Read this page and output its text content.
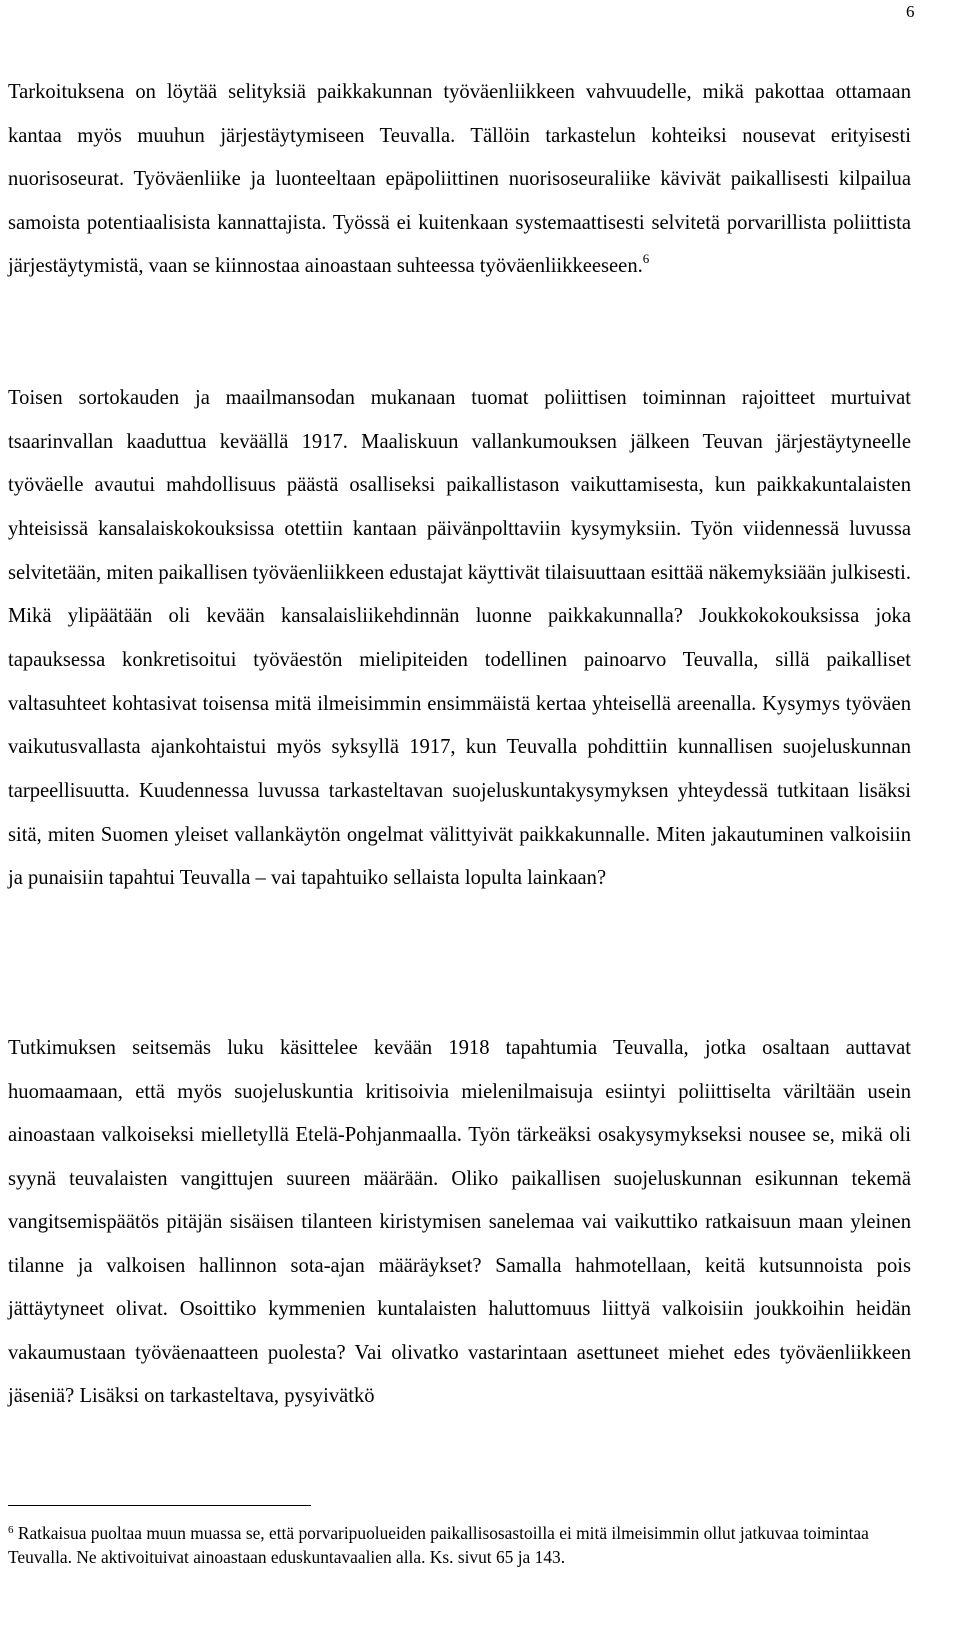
6

Tarkoituksena on löytää selityksiä paikkakunnan työväenliikkeen vahvuudelle, mikä pakottaa ottamaan kantaa myös muuhun järjestäytymiseen Teuvalla. Tällöin tarkastelun kohteiksi nousevat erityisesti nuorisoseurat. Työväenliike ja luonteeltaan epäpoliittinen nuorisoseuraliike kävivät paikallisesti kilpailua samoista potentiaalisista kannattajista. Työssä ei kuitenkaan systemaattisesti selvitetä porvarillista poliittista järjestäytymistä, vaan se kiinnostaa ainoastaan suhteessa työväenliikkeeseen.$^6$

Toisen sortokauden ja maailmansodan mukanaan tuomat poliittisen toiminnan rajoitteet murtuivat tsaarinvallan kaaduttua keväällä 1917. Maaliskuun vallankumouksen jälkeen Teuvan järjestäytyneelle työväelle avautui mahdollisuus päästä osalliseksi paikallistason vaikuttamisesta, kun paikkakuntalaisten yhteisissä kansalaiskokouksissa otettiin kantaan päivänpolttaviin kysymyksiin. Työn viidennessä luvussa selvitetään, miten paikallisen työväenliikkeen edustajat käyttivät tilaisuuttaan esittää näkemyksiään julkisesti. Mikä ylipäätään oli kevään kansalaisliikehdinnän luonne paikkakunnalla? Joukkokokouksissa joka tapauksessa konkretisoitui työväestön mielipiteiden todellinen painoarvo Teuvalla, sillä paikalliset valtasuhteet kohtasivat toisensa mitä ilmeisimmin ensimmäistä kertaa yhteisellä areenalla. Kysymys työväen vaikutusvallasta ajankohtaistui myös syksyllä 1917, kun Teuvalla pohdittiin kunnallisen suojeluskunnan tarpeellisuutta. Kuudennessa luvussa tarkasteltavan suojeluskuntakysymyksen yhteydessä tutkitaan lisäksi sitä, miten Suomen yleiset vallankäytön ongelmat välittyivät paikkakunnalle. Miten jakautuminen valkoisiin ja punaisiin tapahtui Teuvalla – vai tapahtuiko sellaista lopulta lainkaan?

Tutkimuksen seitsemäs luku käsittelee kevään 1918 tapahtumia Teuvalla, jotka osaltaan auttavat huomaamaan, että myös suojeluskuntia kritisoivia mielenilmaisuja esiintyi poliittiselta väriltään usein ainoastaan valkoiseksi mielletyllä Etelä-Pohjanmaalla. Työn tärkeäksi osakysymykseksi nousee se, mikä oli syynä teuvalaisten vangittujen suureen määrään. Oliko paikallisen suojeluskunnan esikunnan tekemä vangitsemispäätös pitäjän sisäisen tilanteen kiristymisen sanelemaa vai vaikuttiko ratkaisuun maan yleinen tilanne ja valkoisen hallinnon sota-ajan määräykset? Samalla hahmotellaan, keitä kutsunnoista pois jättäytyneet olivat. Osoittiko kymmenien kuntalaisten haluttomuus liittyä valkoisiin joukkoihin heidän vakaumustaan työväenaatteen puolesta? Vai olivatko vastarintaan asettuneet miehet edes työväenliikkeen jäseniä? Lisäksi on tarkasteltava, pysyivätkö

$^6$ Ratkaisua puoltaa muun muassa se, että porvaripuolueiden paikallisosastoilla ei mitä ilmeisimmin ollut jatkuvaa toimintaa Teuvalla. Ne aktivoituivat ainoastaan eduskuntavaalien alla. Ks. sivut 65 ja 143.
